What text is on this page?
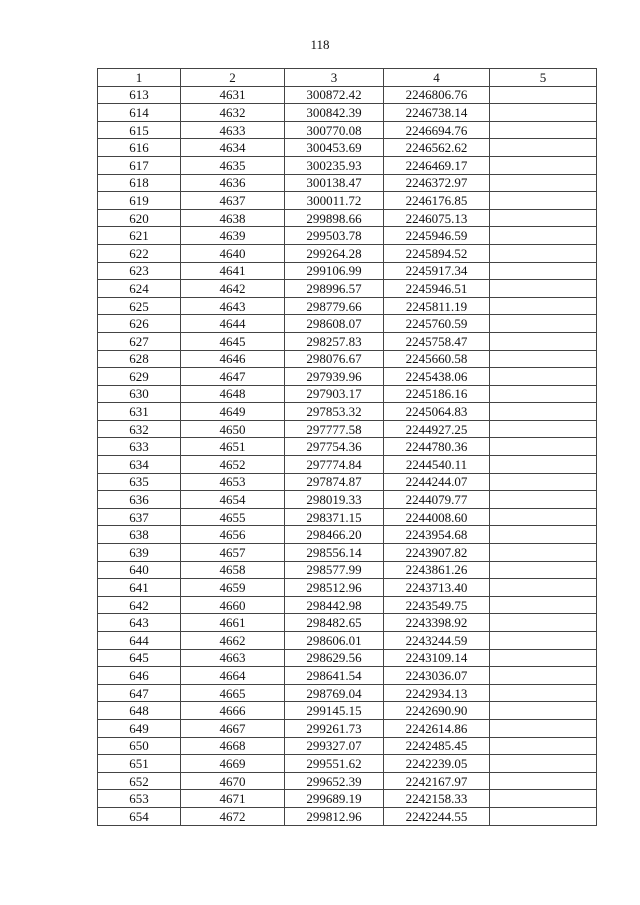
118
1	2	3	4	5
613	4631	300872.42	2246806.76	
614	4632	300842.39	2246738.14	
615	4633	300770.08	2246694.76	
616	4634	300453.69	2246562.62	
617	4635	300235.93	2246469.17	
618	4636	300138.47	2246372.97	
619	4637	300011.72	2246176.85	
620	4638	299898.66	2246075.13	
621	4639	299503.78	2245946.59	
622	4640	299264.28	2245894.52	
623	4641	299106.99	2245917.34	
624	4642	298996.57	2245946.51	
625	4643	298779.66	2245811.19	
626	4644	298608.07	2245760.59	
627	4645	298257.83	2245758.47	
628	4646	298076.67	2245660.58	
629	4647	297939.96	2245438.06	
630	4648	297903.17	2245186.16	
631	4649	297853.32	2245064.83	
632	4650	297777.58	2244927.25	
633	4651	297754.36	2244780.36	
634	4652	297774.84	2244540.11	
635	4653	297874.87	2244244.07	
636	4654	298019.33	2244079.77	
637	4655	298371.15	2244008.60	
638	4656	298466.20	2243954.68	
639	4657	298556.14	2243907.82	
640	4658	298577.99	2243861.26	
641	4659	298512.96	2243713.40	
642	4660	298442.98	2243549.75	
643	4661	298482.65	2243398.92	
644	4662	298606.01	2243244.59	
645	4663	298629.56	2243109.14	
646	4664	298641.54	2243036.07	
647	4665	298769.04	2242934.13	
648	4666	299145.15	2242690.90	
649	4667	299261.73	2242614.86	
650	4668	299327.07	2242485.45	
651	4669	299551.62	2242239.05	
652	4670	299652.39	2242167.97	
653	4671	299689.19	2242158.33	
654	4672	299812.96	2242244.55	
